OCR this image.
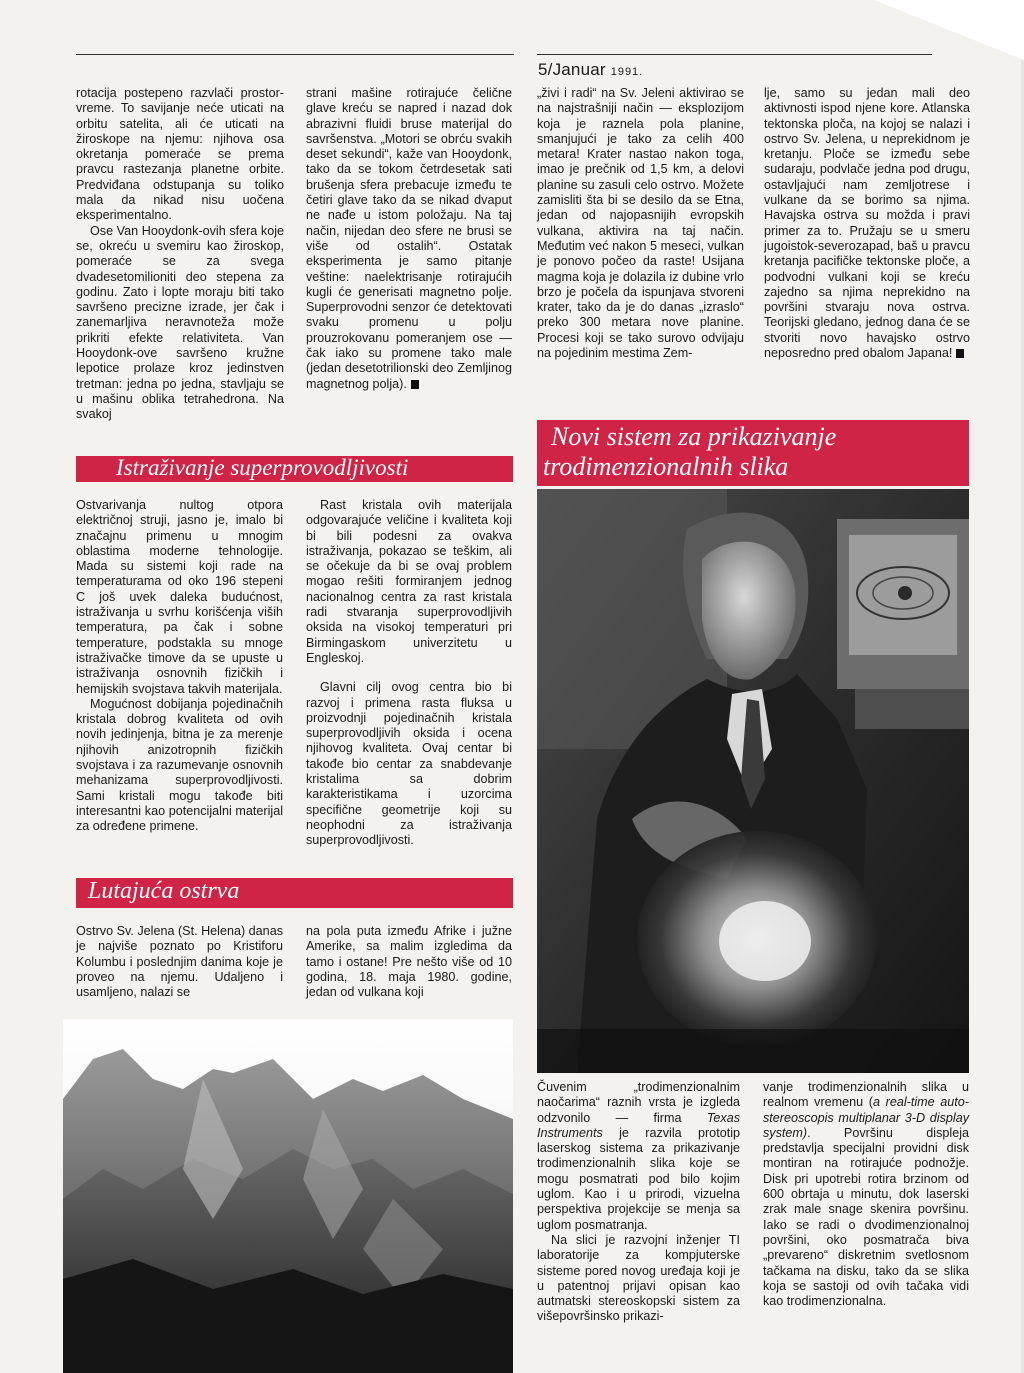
5/Januar 1991.

rotacija postepeno razvlači prostor-vreme. To savijanje neće uticati na orbitu satelita, ali će uticati na žiroskope na njemu: njihova osa okretanja pomeraće se prema pravcu rastezanja planetne orbite. Predviđana odstupanja su toliko mala da nikad nisu uočena eksperimentalno.

Ose Van Hooydonk-ovih sfera koje se, okreću u svemiru kao žiroskop, pomeraće se za svega dvadesetomilioniti deo stepena za godinu. Zato i lopte moraju biti tako savršeno precizne izrade, jer čak i zanemarljiva neravnoteža može prikriti efekte relativiteta. Van Hooydonk-ove savršeno kružne lepotice prolaze kroz jedinstven tretman: jedna po jedna, stavljaju se u mašinu oblika tetrahedrona. Na svakoj

strani mašine rotirajuće čelične glave kreću se napred i nazad dok abrazivni fluidi bruse materijal do savršenstva. „Motori se obrću svakih deset sekundi“, kaže van Hooydonk, tako da se tokom četrdesetak sati brušenja sfera prebacuje između te četiri glave tako da se nikad dvaput ne nađe u istom položaju. Na taj način, nijedan deo sfere ne brusi se više od ostalih“. Ostatak eksperimenta je samo pitanje veštine: naelektrisanje rotirajućih kugli će generisati magnetno polje. Superprovodni senzor će detektovati svaku promenu u polju prouzrokovanu pomeranjem ose — čak iako su promene tako male (jedan desetotrilionski deo Zemljinog magnetnog polja).

„živi i radi“ na Sv. Jeleni aktivirao se na najstrašniji način — eksplozijom koja je raznela pola planine, smanjujući je tako za celih 400 metara! Krater nastao nakon toga, imao je prečnik od 1,5 km, a delovi planine su zasuli celo ostrvo. Možete zamisliti šta bi se desilo da se Etna, jedan od najopasnijih evropskih vulkana, aktivira na taj način. Međutim već nakon 5 meseci, vulkan je ponovo počeo da raste! Usijana magma koja je dolazila iz dubine vrlo brzo je počela da ispunjava stvoreni krater, tako da je do danas „izraslo“ preko 300 metara nove planine. Procesi koji se tako surovo odvijaju na pojedinim mestima Zem-

lje, samo su jedan mali deo aktivnosti ispod njene kore. Atlanska tektonska ploča, na kojoj se nalazi i ostrvo Sv. Jelena, u neprekidnom je kretanju. Ploče se između sebe sudaraju, podvlače jedna pod drugu, ostavljajući nam zemljotrese i vulkane da se borimo sa njima. Havajska ostrva su možda i pravi primer za to. Pružaju se u smeru jugoistok-severozapad, baš u pravcu kretanja pacifičke tektonske ploče, a podvodni vulkani koji se kreću zajedno sa njima neprekidno na površini stvaraju nova ostrva. Teorijski gledano, jednog dana će se stvoriti novo havajsko ostrvo neposredno pred obalom Japana!

Istraživanje superprovodljivosti

Ostvarivanja nultog otpora električnoj struji, jasno je, imalo bi značajnu primenu u mnogim oblastima moderne tehnologije. Mada su sistemi koji rade na temperaturama od oko 196 stepeni C još uvek daleka budućnost, istraživanja u svrhu korišćenja viših temperatura, pa čak i sobne temperature, podstakla su mnoge istraživačke timove da se upuste u istraživanja osnovnih fizičkih i hemijskih svojstava takvih materijala.

Mogućnost dobijanja pojedinačnih kristala dobrog kvaliteta od ovih novih jedinjenja, bitna je za merenje njihovih anizotropnih fizičkih svojstava i za razumevanje osnovnih mehanizama superprovodljivosti. Sami kristali mogu takođe biti interesantni kao potencijalni materijal za određene primene.

Rast kristala ovih materijala odgovarajuće veličine i kvaliteta koji bi bili podesni za ovakva istraživanja, pokazao se teškim, ali se očekuje da bi se ovaj problem mogao rešiti formiranjem jednog nacionalnog centra za rast kristala radi stvaranja superprovodljivih oksida na visokoj temperaturi pri Birmingaskom univerzitetu u Engleskoj.

Glavni cilj ovog centra bio bi razvoj i primena rasta fluksa u proizvodnji pojedinačnih kristala superprovodljivih oksida i ocena njihovog kvaliteta. Ovaj centar bi takođe bio centar za snabdevanje kristalima sa dobrim karakteristikama i uzorcima specifične geometrije koji su neophodni za istraživanja superprovodljivosti.

Lutajuća ostrva

Ostrvo Sv. Jelena (St. Helena) danas je najviše poznato po Kristiforu Kolumbu i poslednjim danima koje je proveo na njemu. Udaljeno i usamljeno, nalazi se

na pola puta između Afrike i južne Amerike, sa malim izgledima da tamo i ostane! Pre nešto više od 10 godina, 18. maja 1980. godine, jedan od vulkana koji

Novi sistem za prikazivanje
trodimenzionalnih slika

Čuvenim „trodimenzionalnim naočarima“ raznih vrsta je izgleda odzvonilo — firma Texas Instruments je razvila prototip laserskog sistema za prikazivanje trodimenzionalnih slika koje se mogu posmatrati pod bilo kojim uglom. Kao i u prirodi, vizuelna perspektiva projekcije se menja sa uglom posmatranja.

Na slici je razvojni inženjer TI laboratorije za kompjuterske sisteme pored novog uređaja koji je u patentnoj prijavi opisan kao autmatski stereoskopski sistem za višepovršinsko prikazi-

vanje trodimenzionalnih slika u realnom vremenu (a real-time auto-stereoscopis multiplanar 3-D display system). Površinu displeja predstavlja specijalni providni disk montiran na rotirajuće podnožje. Disk pri upotrebi rotira brzinom od 600 obrtaja u minutu, dok laserski zrak male snage skenira površinu. Iako se radi o dvodimenzionalnoj površini, oko posmatrača biva „prevareno“ diskretnim svetlosnom tačkama na disku, tako da se slika koja se sastoji od ovih tačaka vidi kao trodimenzionalna.
